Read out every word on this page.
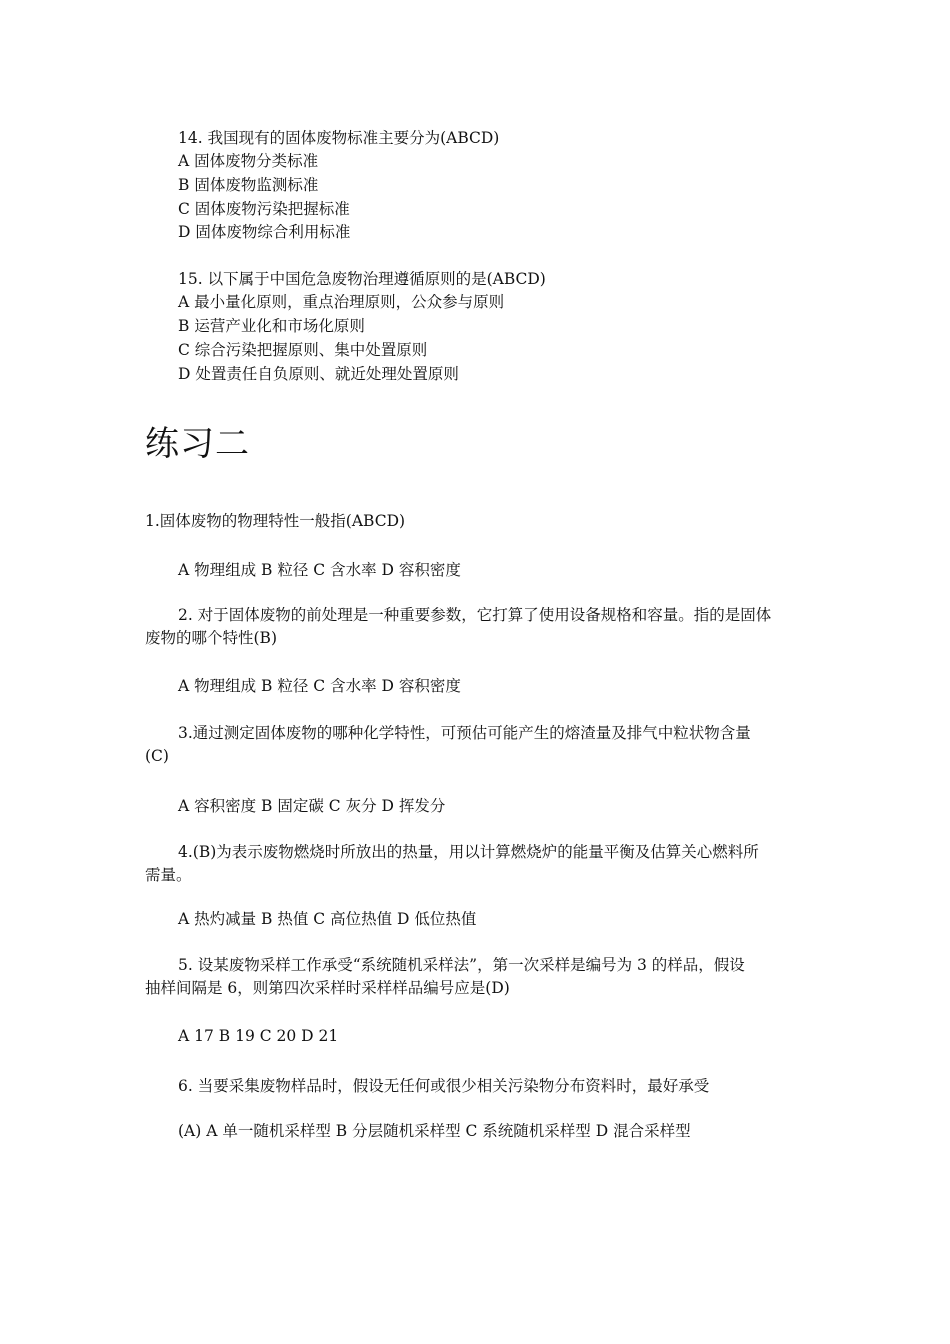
14. 我国现有的固体废物标准主要分为(ABCD)
A 固体废物分类标准
B 固体废物监测标准
C 固体废物污染把握标准
D 固体废物综合利用标准
15. 以下属于中国危急废物治理遵循原则的是(ABCD)
A 最小量化原则，重点治理原则，公众参与原则
B 运营产业化和市场化原则
C 综合污染把握原则、集中处置原则
D 处置责任自负原则、就近处理处置原则
练习二
1.固体废物的物理特性一般指(ABCD)
A 物理组成 B 粒径 C 含水率 D 容积密度
2. 对于固体废物的前处理是一种重要参数，它打算了使用设备规格和容量。指的是固体
废物的哪个特性(B)
A 物理组成 B 粒径 C 含水率 D 容积密度
3.通过测定固体废物的哪种化学特性，可预估可能产生的熔渣量及排气中粒状物含量
(C)
A 容积密度 B 固定碳 C 灰分 D 挥发分
4.(B)为表示废物燃烧时所放出的热量，用以计算燃烧炉的能量平衡及估算关心燃料所
需量。
A 热灼减量 B 热值 C 高位热值 D 低位热值
5. 设某废物采样工作承受“系统随机采样法”，第一次采样是编号为 3 的样品，假设
抽样间隔是 6，则第四次采样时采样样品编号应是(D)
A 17 B 19 C 20 D 21
6. 当要采集废物样品时，假设无任何或很少相关污染物分布资料时，最好承受
(A) A 单一随机采样型 B 分层随机采样型 C 系统随机采样型 D 混合采样型
